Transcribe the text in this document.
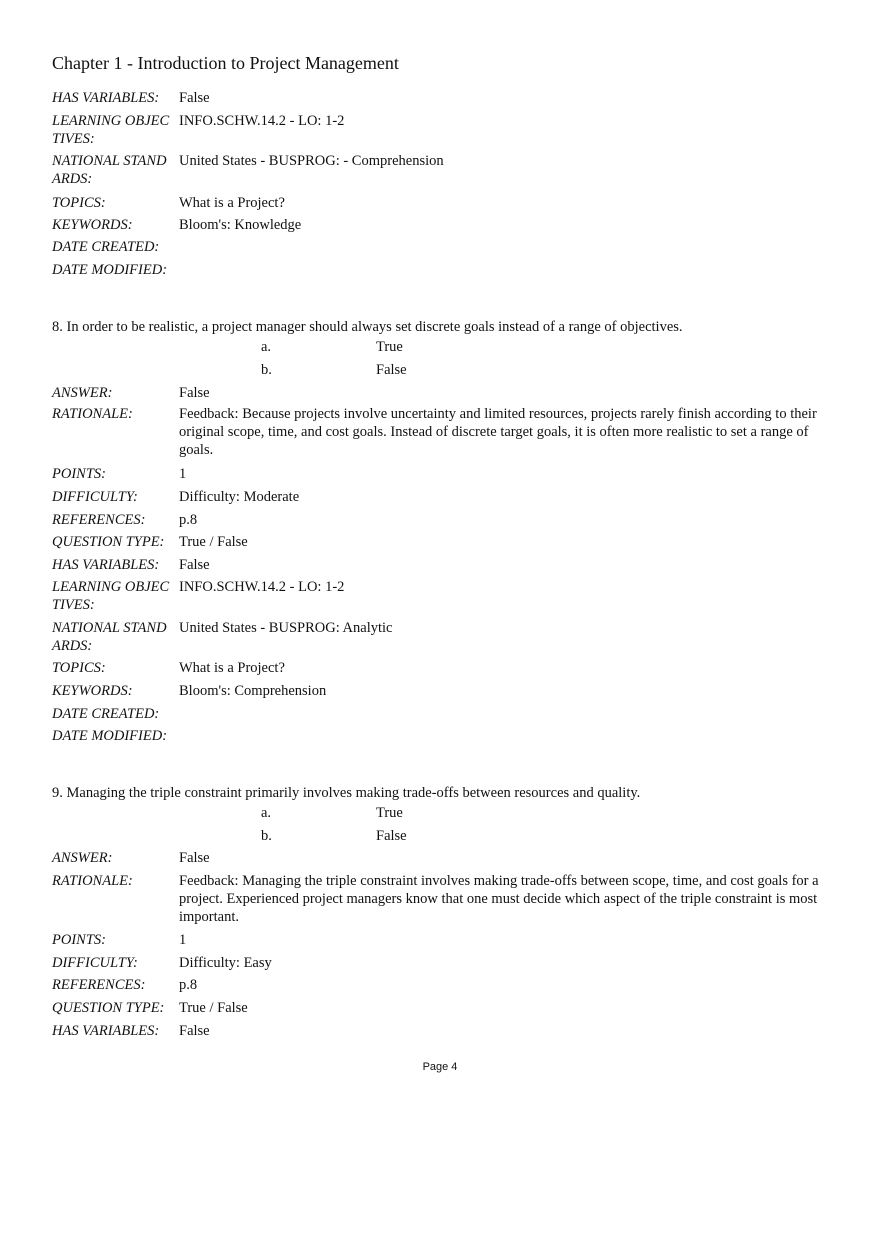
Chapter 1 - Introduction to Project Management
HAS VARIABLES:	False
LEARNING OBJECTIVES:
INFO.SCHW.14.2 - LO: 1-2
NATIONAL STANDARDS:
United States - BUSPROG: - Comprehension
TOPICS:	What is a Project?
KEYWORDS:	Bloom's: Knowledge
DATE CREATED:
DATE MODIFIED:
8. In order to be realistic, a project manager should always set discrete goals instead of a range of objectives.
a.	True
b.	False
ANSWER:	False
RATIONALE:	Feedback: Because projects involve uncertainty and limited resources, projects rarely finish according to their original scope, time, and cost goals. Instead of discrete target goals, it is often more realistic to set a range of goals.
POINTS:	1
DIFFICULTY:	Difficulty: Moderate
REFERENCES:	p.8
QUESTION TYPE:	True / False
HAS VARIABLES:	False
LEARNING OBJECTIVES:
INFO.SCHW.14.2 - LO: 1-2
NATIONAL STANDARDS:
United States - BUSPROG: Analytic
TOPICS:	What is a Project?
KEYWORDS:	Bloom's: Comprehension
DATE CREATED:
DATE MODIFIED:
9. Managing the triple constraint primarily involves making trade-offs between resources and quality.
a.	True
b.	False
ANSWER:	False
RATIONALE:	Feedback: Managing the triple constraint involves making trade-offs between scope, time, and cost goals for a project. Experienced project managers know that one must decide which aspect of the triple constraint is most important.
POINTS:	1
DIFFICULTY:	Difficulty: Easy
REFERENCES:	p.8
QUESTION TYPE:	True / False
HAS VARIABLES:	False
Page 4
